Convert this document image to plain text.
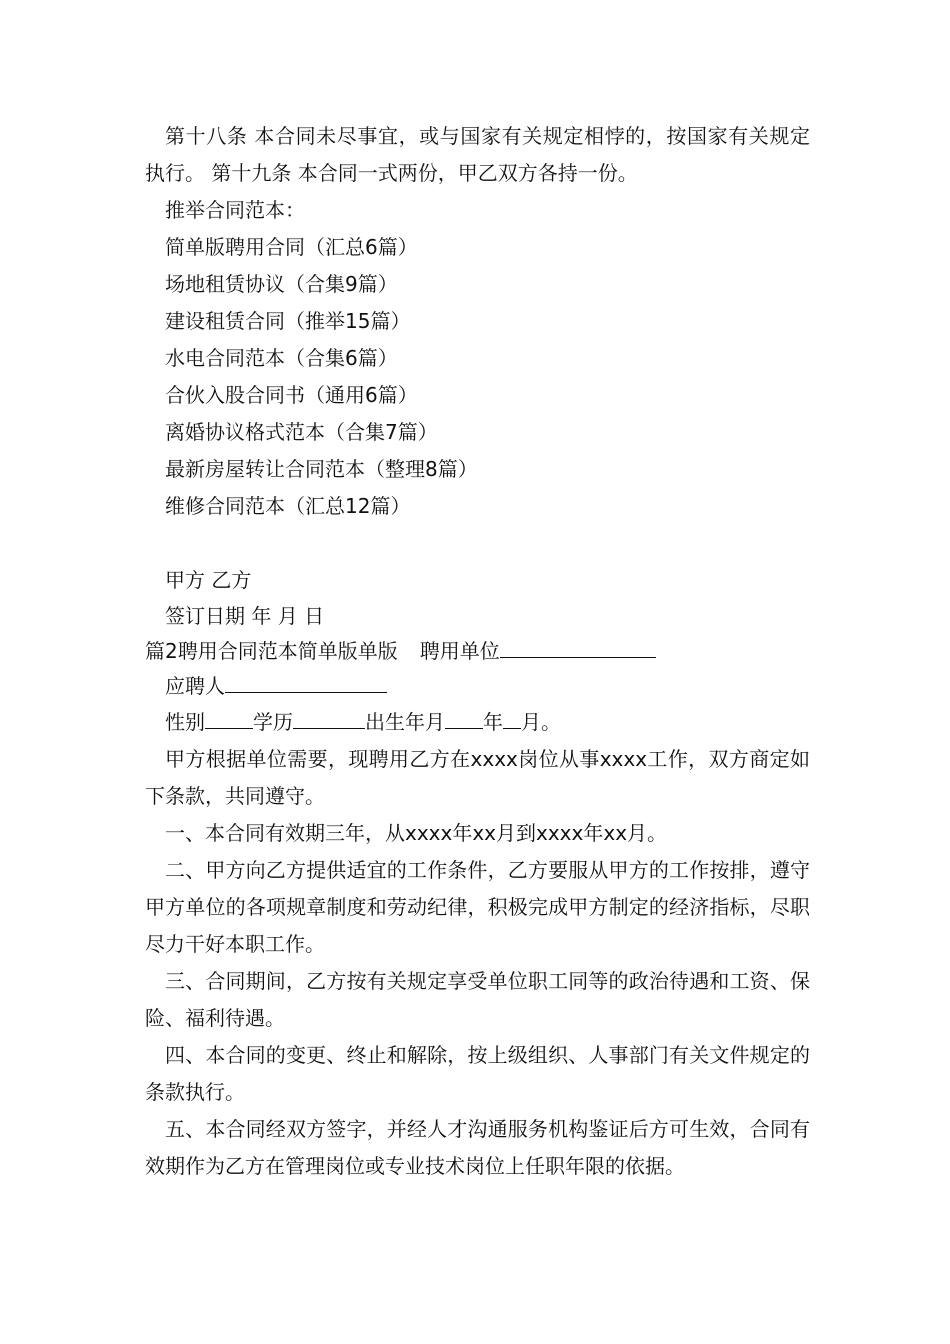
第十八条 本合同未尽事宜，或与国家有关规定相悖的，按国家有关规定执行。 第十九条 本合同一式两份，甲乙双方各持一份。

推举合同范本：

简单版聘用合同（汇总6篇）

场地租赁协议（合集9篇）

建设租赁合同（推举15篇）

水电合同范本（合集6篇）

合伙入股合同书（通用6篇）

离婚协议格式范本（合集7篇）

最新房屋转让合同范本（整理8篇）

维修合同范本（汇总12篇）

甲方 乙方

签订日期 年 月 日

篇2聘用合同范本简单版单版 聘用单位

应聘人

性别 学历	出生年月 年 月。

甲方根据单位需要，现聘用乙方在xxxx岗位从事xxxx工作，双方商定如下条款，共同遵守。

一、本合同有效期三年，从xxxx年xx月到xxxx年xx月。

二、甲方向乙方提供适宜的工作条件，乙方要服从甲方的工作按排，遵守甲方单位的各项规章制度和劳动纪律，积极完成甲方制定的经济指标，尽职尽力干好本职工作。

三、合同期间，乙方按有关规定享受单位职工同等的政治待遇和工资、保险、福利待遇。

四、本合同的变更、终止和解除，按上级组织、人事部门有关文件规定的条款执行。

五、本合同经双方签字，并经人才沟通服务机构鉴证后方可生效，合同有效期作为乙方在管理岗位或专业技术岗位上任职年限的依据。
